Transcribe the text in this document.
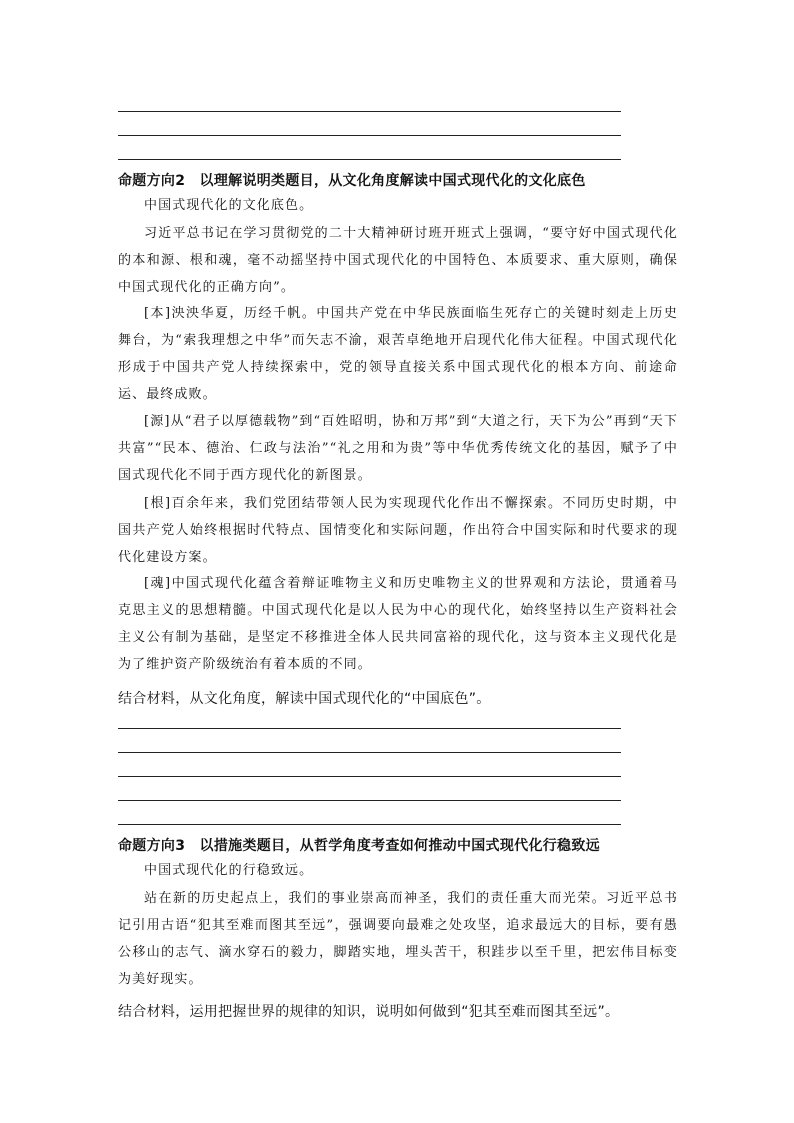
命题方向2　以理解说明类题目，从文化角度解读中国式现代化的文化底色

中国式现代化的文化底色。

习近平总书记在学习贯彻党的二十大精神研讨班开班式上强调，“要守好中国式现代化的本和源、根和魂，毫不动摇坚持中国式现代化的中国特色、本质要求、重大原则，确保中国式现代化的正确方向”。

[本]泱泱华夏，历经千帆。中国共产党在中华民族面临生死存亡的关键时刻走上历史舞台，为“索我理想之中华”而矢志不渝，艰苦卓绝地开启现代化伟大征程。中国式现代化形成于中国共产党人持续探索中，党的领导直接关系中国式现代化的根本方向、前途命运、最终成败。

[源]从“君子以厚德载物”到“百姓昭明，协和万邦”到“大道之行，天下为公”再到“天下共富”“民本、德治、仁政与法治”“礼之用和为贵”等中华优秀传统文化的基因，赋予了中国式现代化不同于西方现代化的新图景。

[根]百余年来，我们党团结带领人民为实现现代化作出不懈探索。不同历史时期，中国共产党人始终根据时代特点、国情变化和实际问题，作出符合中国实际和时代要求的现代化建设方案。

[魂]中国式现代化蕴含着辩证唯物主义和历史唯物主义的世界观和方法论，贯通着马克思主义的思想精髓。中国式现代化是以人民为中心的现代化，始终坚持以生产资料社会主义公有制为基础，是坚定不移推进全体人民共同富裕的现代化，这与资本主义现代化是为了维护资产阶级统治有着本质的不同。

结合材料，从文化角度，解读中国式现代化的“中国底色”。
命题方向3　以措施类题目，从哲学角度考查如何推动中国式现代化行稳致远

中国式现代化的行稳致远。

站在新的历史起点上，我们的事业崇高而神圣，我们的责任重大而光荣。习近平总书记引用古语“犯其至难而图其至远”，强调要向最难之处攻坚，追求最远大的目标，要有愚公移山的志气、滴水穿石的毅力，脚踏实地，埋头苦干，积跬步以至千里，把宏伟目标变为美好现实。

结合材料，运用把握世界的规律的知识，说明如何做到“犯其至难而图其至远”。
